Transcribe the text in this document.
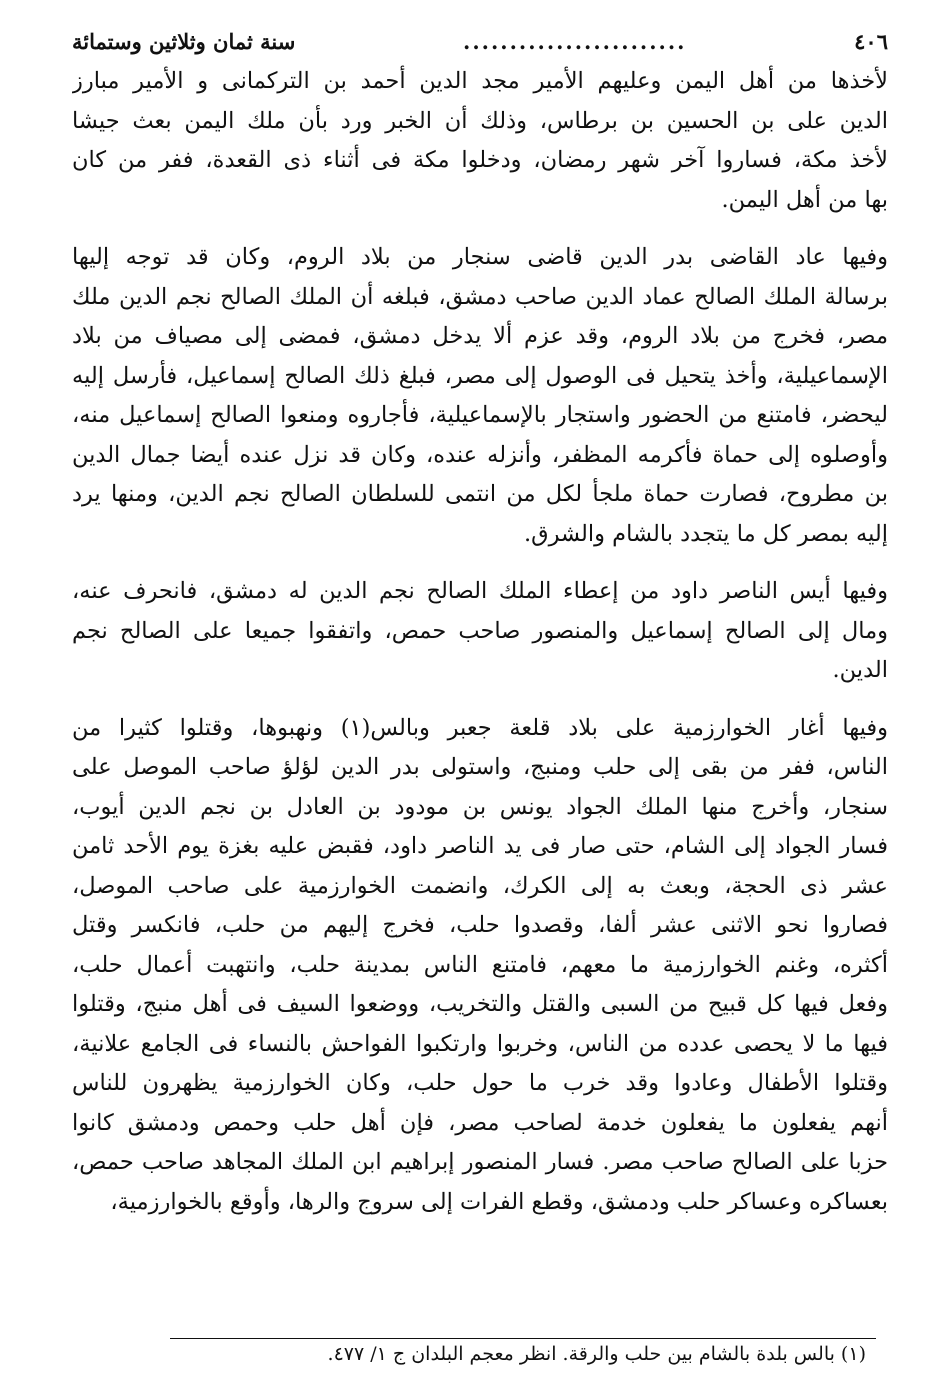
٤٠٦
........................
سنة ثمان وثلاثين وستمائة
لأخذها من أهل اليمن وعليهم الأمير مجد الدين أحمد بن التركمانى و الأمير مبارز
الدين على بن الحسين بن برطاس، وذلك أن الخبر ورد بأن ملك اليمن بعث جيشا
لأخذ مكة، فساروا آخر شهر رمضان، ودخلوا مكة فى أثناء ذى القعدة، ففر من كان
بها من أهل اليمن.
وفيها عاد القاضى بدر الدين قاضى سنجار من بلاد الروم، وكان قد توجه إليها
برسالة الملك الصالح عماد الدين صاحب دمشق، فبلغه أن الملك الصالح نجم الدين ملك
مصر، فخرج من بلاد الروم، وقد عزم ألا يدخل دمشق، فمضى إلى مصياف من بلاد
الإسماعيلية، وأخذ يتحيل فى الوصول إلى مصر، فبلغ ذلك الصالح إسماعيل، فأرسل إليه
ليحضر، فامتنع من الحضور واستجار بالإسماعيلية، فأجاروه ومنعوا الصالح إسماعيل منه،
وأوصلوه إلى حماة فأكرمه المظفر، وأنزله عنده، وكان قد نزل عنده أيضا جمال الدين
بن مطروح، فصارت حماة ملجأ لكل من انتمى للسلطان الصالح نجم الدين، ومنها يرد
إليه بمصر كل ما يتجدد بالشام والشرق.
وفيها أيس الناصر داود من إعطاء الملك الصالح نجم الدين له دمشق، فانحرف عنه،
ومال إلى الصالح إسماعيل والمنصور صاحب حمص، واتفقوا جميعا على الصالح نجم
الدين.
وفيها أغار الخوارزمية على بلاد قلعة جعبر وبالس(١) ونهبوها، وقتلوا كثيرا من
الناس، ففر من بقى إلى حلب ومنبج، واستولى بدر الدين لؤلؤ صاحب الموصل على
سنجار، وأخرج منها الملك الجواد يونس بن مودود بن العادل بن نجم الدين أيوب،
فسار الجواد إلى الشام، حتى صار فى يد الناصر داود، فقبض عليه بغزة يوم الأحد ثامن
عشر ذى الحجة، وبعث به إلى الكرك، وانضمت الخوارزمية على صاحب الموصل،
فصاروا نحو الاثنى عشر ألفا، وقصدوا حلب، فخرج إليهم من حلب، فانكسر وقتل
أكثره، وغنم الخوارزمية ما معهم، فامتنع الناس بمدينة حلب، وانتهبت أعمال حلب،
وفعل فيها كل قبيح من السبى والقتل والتخريب، ووضعوا السيف فى أهل منبج، وقتلوا
فيها ما لا يحصى عدده من الناس، وخربوا وارتكبوا الفواحش بالنساء فى الجامع علانية،
وقتلوا الأطفال وعادوا وقد خرب ما حول حلب، وكان الخوارزمية يظهرون للناس
أنهم يفعلون ما يفعلون خدمة لصاحب مصر، فإن أهل حلب وحمص ودمشق كانوا
حزبا على الصالح صاحب مصر. فسار المنصور إبراهيم ابن الملك المجاهد صاحب حمص،
بعساكره وعساكر حلب ودمشق، وقطع الفرات إلى سروج والرها، وأوقع بالخوارزمية،
(١) بالس بلدة بالشام بين حلب والرقة. انظر معجم البلدان ج ١/ ٤٧٧.
